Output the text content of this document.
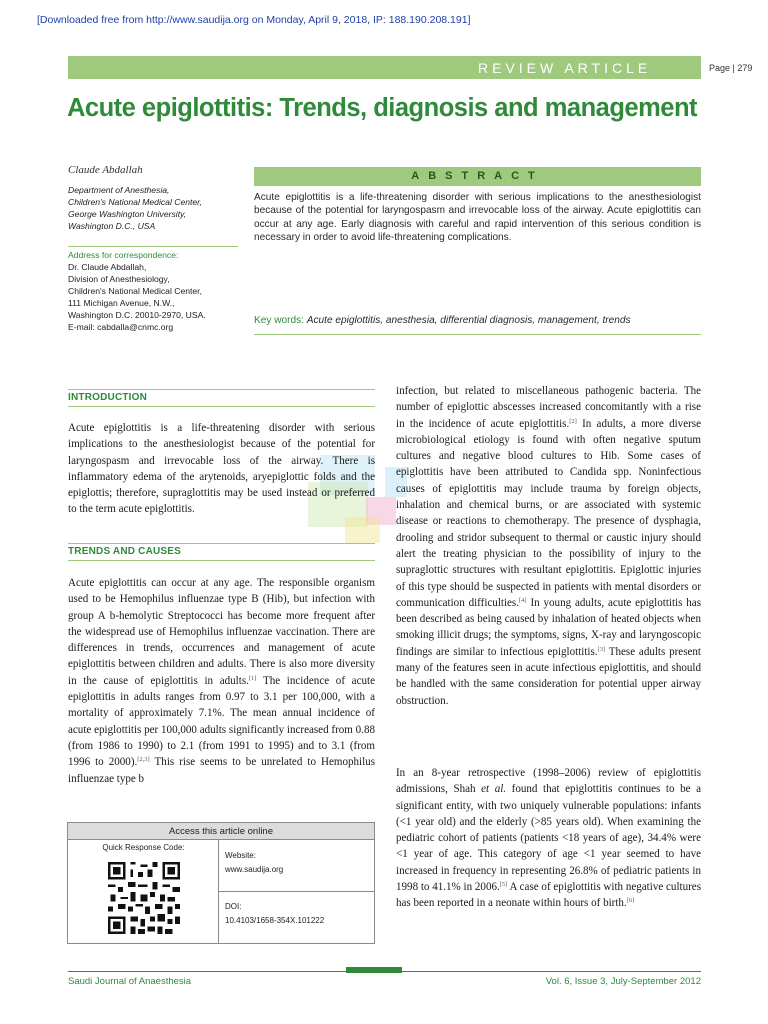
[Downloaded free from http://www.saudija.org on Monday, April 9, 2018, IP: 188.190.208.191]
REVIEW ARTICLE	Page | 279
Acute epiglottitis: Trends, diagnosis and management
Claude Abdallah
Department of Anesthesia,
Children's National Medical Center,
George Washington University,
Washington D.C., USA
Address for correspondence:
Dr. Claude Abdallah,
Division of Anesthesiology,
Children's National Medical Center,
111 Michigan Avenue, N.W.,
Washington D.C. 20010-2970, USA.
E-mail: cabdalla@cnmc.org
ABSTRACT

Acute epiglottitis is a life-threatening disorder with serious implications to the anesthesiologist because of the potential for laryngospasm and irrevocable loss of the airway. Acute epiglottitis can occur at any age. Early diagnosis with careful and rapid intervention of this serious condition is necessary in order to avoid life-threatening complications.

Key words: Acute epiglottitis, anesthesia, differential diagnosis, management, trends
INTRODUCTION

Acute epiglottitis is a life-threatening disorder with serious implications to the anesthesiologist because of the potential for laryngospasm and irrevocable loss of the airway. There is inflammatory edema of the arytenoids, aryepiglottic folds and the epiglottis; therefore, supraglottitis may be used instead or preferred to the term acute epiglottitis.

TRENDS AND CAUSES

Acute epiglottitis can occur at any age. The responsible organism used to be Hemophilus influenzae type B (Hib), but infection with group A b-hemolytic Streptococci has become more frequent after the widespread use of Hemophilus influenzae vaccination. There are differences in trends, occurrences and management of acute epiglottitis between children and adults. There is also more diversity in the cause of epiglottitis in adults.[1] The incidence of acute epiglottitis in adults ranges from 0.97 to 3.1 per 100,000, with a mortality of approximately 7.1%. The mean annual incidence of acute epiglottitis per 100,000 adults significantly increased from 0.88 (from 1986 to 1990) to 2.1 (from 1991 to 1995) and to 3.1 (from 1996 to 2000).[2,3] This rise seems to be unrelated to Hemophilus influenzae type b

infection, but related to miscellaneous pathogenic bacteria. The number of epiglottic abscesses increased concomitantly with a rise in the incidence of acute epiglottitis.[2] In adults, a more diverse microbiological etiology is found with often negative sputum cultures and negative blood cultures to Hib. Some cases of epiglottitis have been attributed to Candida spp. Noninfectious causes of epiglottitis may include trauma by foreign objects, inhalation and chemical burns, or are associated with systemic disease or reactions to chemotherapy. The presence of dysphagia, drooling and stridor subsequent to thermal or caustic injury should alert the treating physician to the possibility of injury to the supraglottic structures with resultant epiglottitis. Epiglottic injuries of this type should be suspected in patients with mental disorders or communication difficulties.[4] In young adults, acute epiglottitis has been described as being caused by inhalation of heated objects when smoking illicit drugs; the symptoms, signs, X-ray and laryngoscopic findings are similar to infectious epiglottitis.[3] These adults present many of the features seen in acute infectious epiglottitis, and should be handled with the same consideration for potential upper airway obstruction.

In an 8-year retrospective (1998–2006) review of epiglottitis admissions, Shah et al. found that epiglottitis continues to be a significant entity, with two uniquely vulnerable populations: infants (<1 year old) and the elderly (>85 years old). When examining the pediatric cohort of patients (patients <18 years of age), 34.4% were <1 year of age. This category of age <1 year seemed to have increased in frequency in representing 26.8% of pediatric patients in 1998 to 41.1% in 2006.[5] A case of epiglottitis with negative cultures has been reported in a neonate within hours of birth.[6]

Access this article online
Quick Response Code:
Website:
www.saudija.org
DOI:
10.4103/1658-354X.101222
Saudi Journal of Anaesthesia	Vol. 6, Issue 3, July-September 2012
